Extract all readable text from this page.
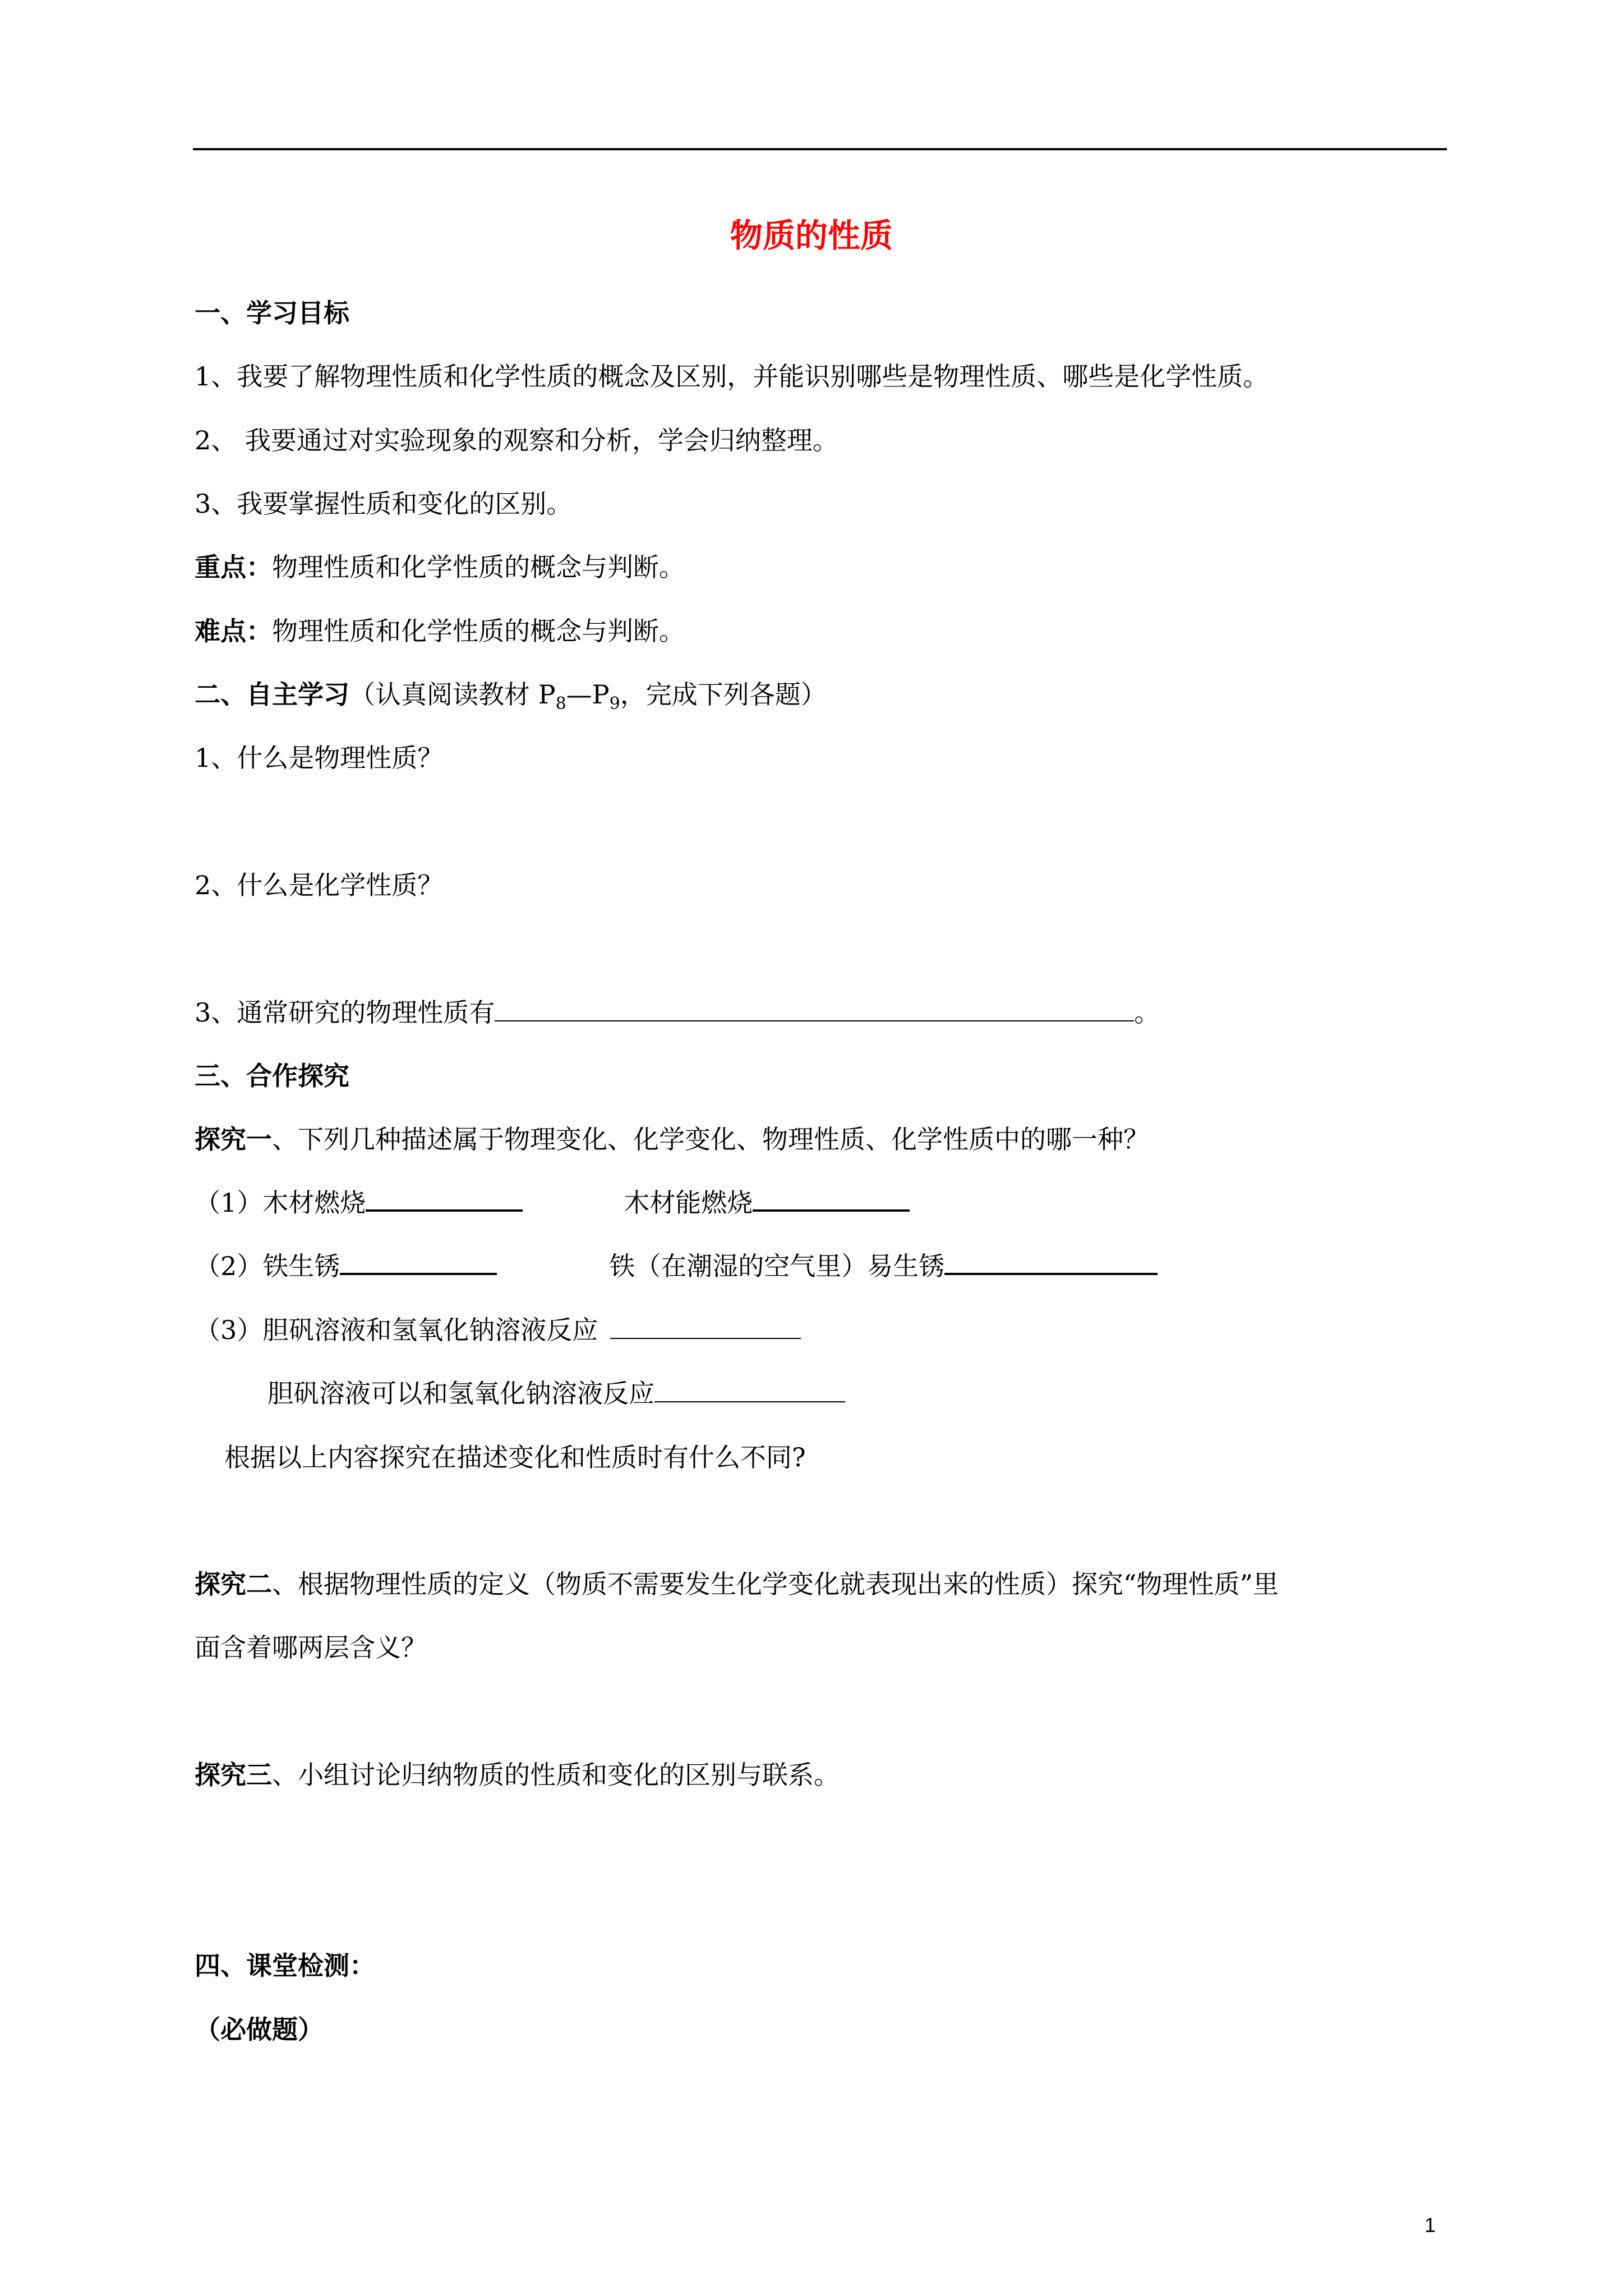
物质的性质
一、学习目标
1、我要了解物理性质和化学性质的概念及区别，并能识别哪些是物理性质、哪些是化学性质。
2、 我要通过对实验现象的观察和分析，学会归纳整理。
3、我要掌握性质和变化的区别。
重点：物理性质和化学性质的概念与判断。
难点：物理性质和化学性质的概念与判断。
二、自主学习（认真阅读教材 $P_8—P_9$，完成下列各题）
1、什么是物理性质？
2、什么是化学性质？
3、通常研究的物理性质有	。
三、合作探究
探究一、下列几种描述属于物理变化、化学变化、物理性质、化学性质中的哪一种？
（1）木材燃烧	木材能燃烧
（2）铁生锈	铁（在潮湿的空气里）易生锈
（3）胆矾溶液和氢氧化钠溶液反应
胆矾溶液可以和氢氧化钠溶液反应
根据以上内容探究在描述变化和性质时有什么不同?
探究二、根据物理性质的定义（物质不需要发生化学变化就表现出来的性质）探究“物理性质”里
面含着哪两层含义？
探究三、小组讨论归纳物质的性质和变化的区别与联系。
四、课堂检测：
（必做题）
1
